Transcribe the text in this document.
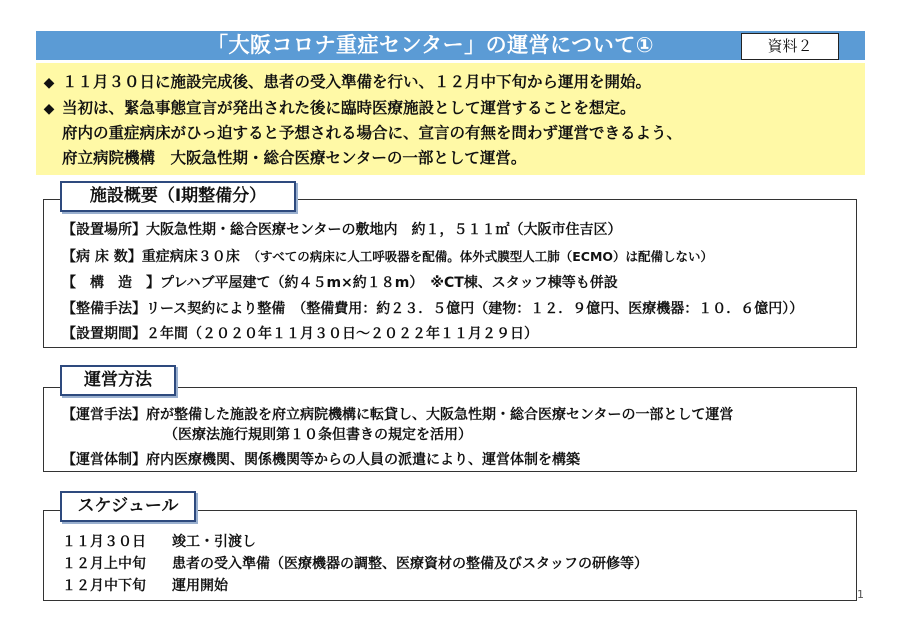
「大阪コロナ重症センター」の運営について①	資料２
◆ １１月３０日に施設完成後、患者の受入準備を行い、１２月中下旬から運用を開始。
◆ 当初は、緊急事態宣言が発出された後に臨時医療施設として運営することを想定。
府内の重症病床がひっ迫すると予想される場合に、宣言の有無を問わず運営できるよう、
府立病院機構　大阪急性期・総合医療センターの一部として運営。
施設概要（Ⅰ期整備分）
【設置場所】大阪急性期・総合医療センターの敷地内　約１，５１１㎡（大阪市住吉区）
【病 床 数】重症病床３０床　 （すべての病床に人工呼吸器を配備。体外式膜型人工肺（ECMO）は配備しない）
【　構　造　】プレハブ平屋建て（約４５m×約１８m）　※CT棟、スタッフ棟等も併設
【整備手法】リース契約により整備　（整備費用：約２３．５億円（建物：１２．９億円、医療機器：１０．６億円））
【設置期間】２年間（２０２０年１１月３０日～２０２２年１１月２９日）
運営方法
【運営手法】府が整備した施設を府立病院機構に転貸し、大阪急性期・総合医療センターの一部として運営
（医療法施行規則第１０条但書きの規定を活用）
【運営体制】府内医療機関、関係機関等からの人員の派遣により、運営体制を構築
スケジュール
１１月３０日 竣工・引渡し
１２月上中旬 患者の受入準備（医療機器の調整、医療資材の整備及びスタッフの研修等）
１２月中下旬 運用開始
1
